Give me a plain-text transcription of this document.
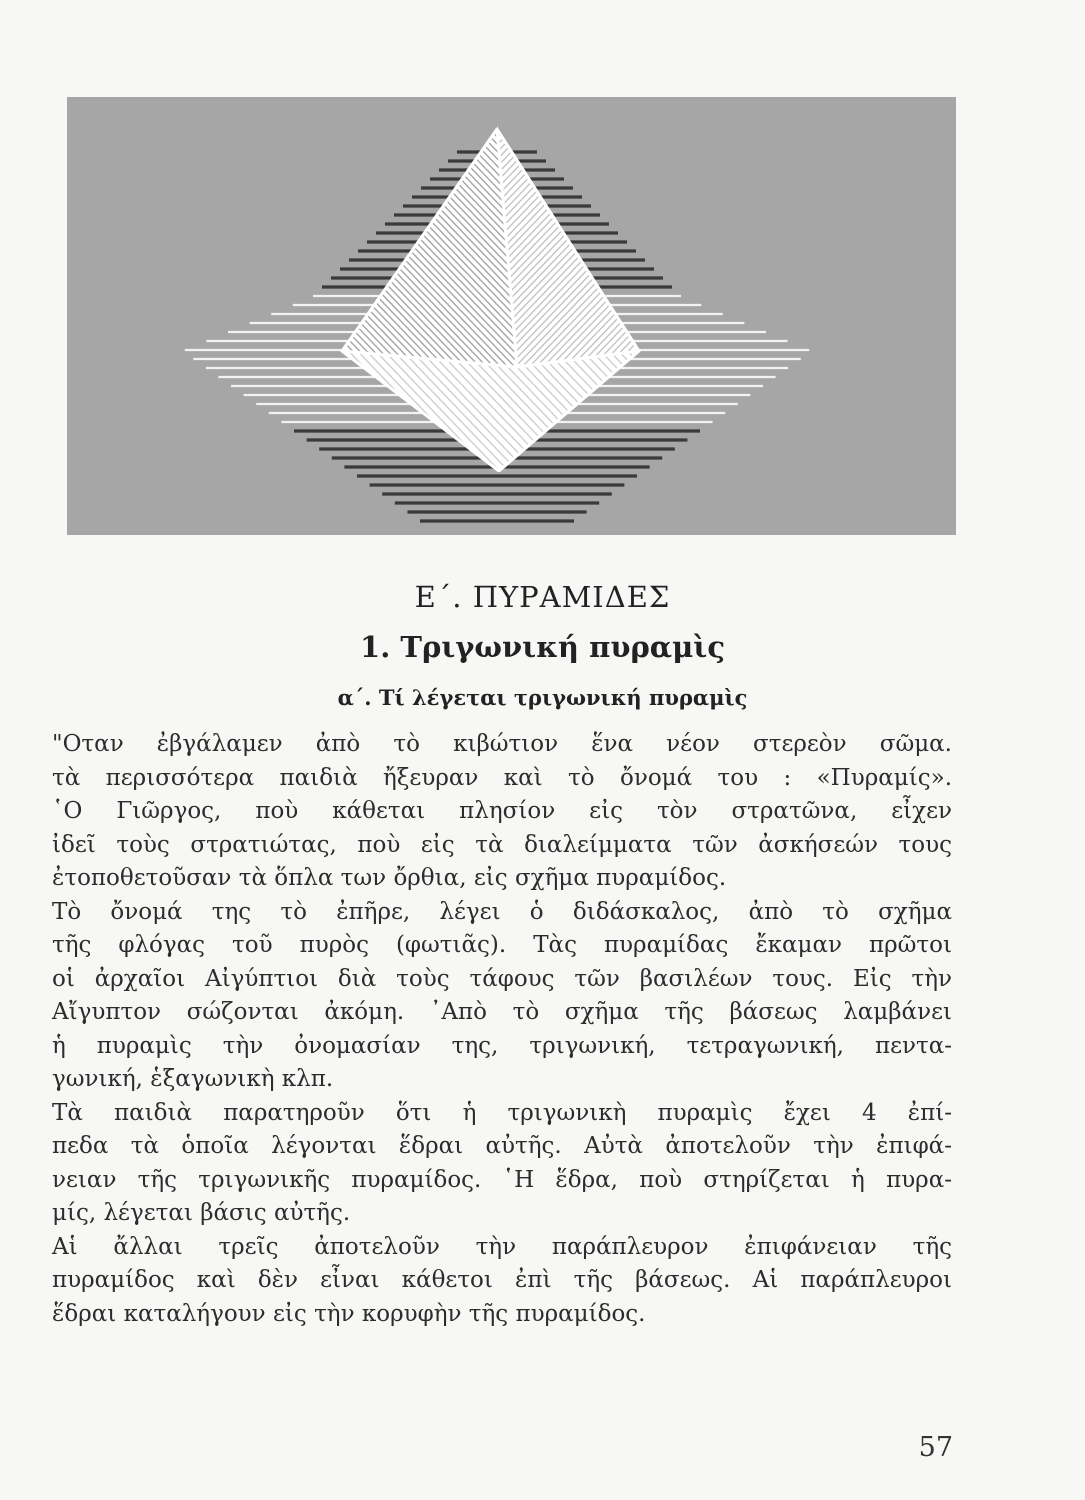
Ε΄. ΠΥΡΑΜΙΔΕΣ
1. Τριγωνική πυραμὶς
α΄. Τί λέγεται τριγωνική πυραμὶς
"Οταν ἐβγάλαμεν ἀπὸ τὸ κιβώτιον ἕνα νέον στερεὸν σῶμα.
τὰ περισσότερα παιδιὰ ἤξευραν καὶ τὸ ὄνομά του : «Πυραμίς».
῾Ο Γιῶργος, ποὺ κάθεται πλησίον εἰς τὸν στρατῶνα, εἶχεν
ἰδεῖ τοὺς στρατιώτας, ποὺ εἰς τὰ διαλείμματα τῶν ἀσκήσεών τους
ἐτοποθετοῦσαν τὰ ὅπλα των ὄρθια, εἰς σχῆμα πυραμίδος.
Τὸ ὄνομά της τὸ ἐπῆρε, λέγει ὁ διδάσκαλος, ἀπὸ τὸ σχῆμα
τῆς φλόγας τοῦ πυρὸς (φωτιᾶς). Τὰς πυραμίδας ἔκαμαν πρῶτοι
οἱ ἀρχαῖοι Αἰγύπτιοι διὰ τοὺς τάφους τῶν βασιλέων τους. Εἰς τὴν
Αἴγυπτον σώζονται ἀκόμη. ᾽Απὸ τὸ σχῆμα τῆς βάσεως λαμβάνει
ἡ πυραμὶς τὴν ὀνομασίαν της, τριγωνική, τετραγωνική, πεντα-
γωνική, ἑξαγωνικὴ κλπ.
Τὰ παιδιὰ παρατηροῦν ὅτι ἡ τριγωνικὴ πυραμὶς ἔχει 4 ἐπί-
πεδα τὰ ὁποῖα λέγονται ἕδραι αὐτῆς. Αὐτὰ ἀποτελοῦν τὴν ἐπιφά-
νειαν τῆς τριγωνικῆς πυραμίδος. ῾Η ἕδρα, ποὺ στηρίζεται ἡ πυρα-
μίς, λέγεται βάσις αὐτῆς.
Αἱ ἄλλαι τρεῖς ἀποτελοῦν τὴν παράπλευρον ἐπιφάνειαν τῆς
πυραμίδος καὶ δὲν εἶναι κάθετοι ἐπὶ τῆς βάσεως. Αἱ παράπλευροι
ἕδραι καταλήγουν εἰς τὴν κορυφὴν τῆς πυραμίδος.
57
